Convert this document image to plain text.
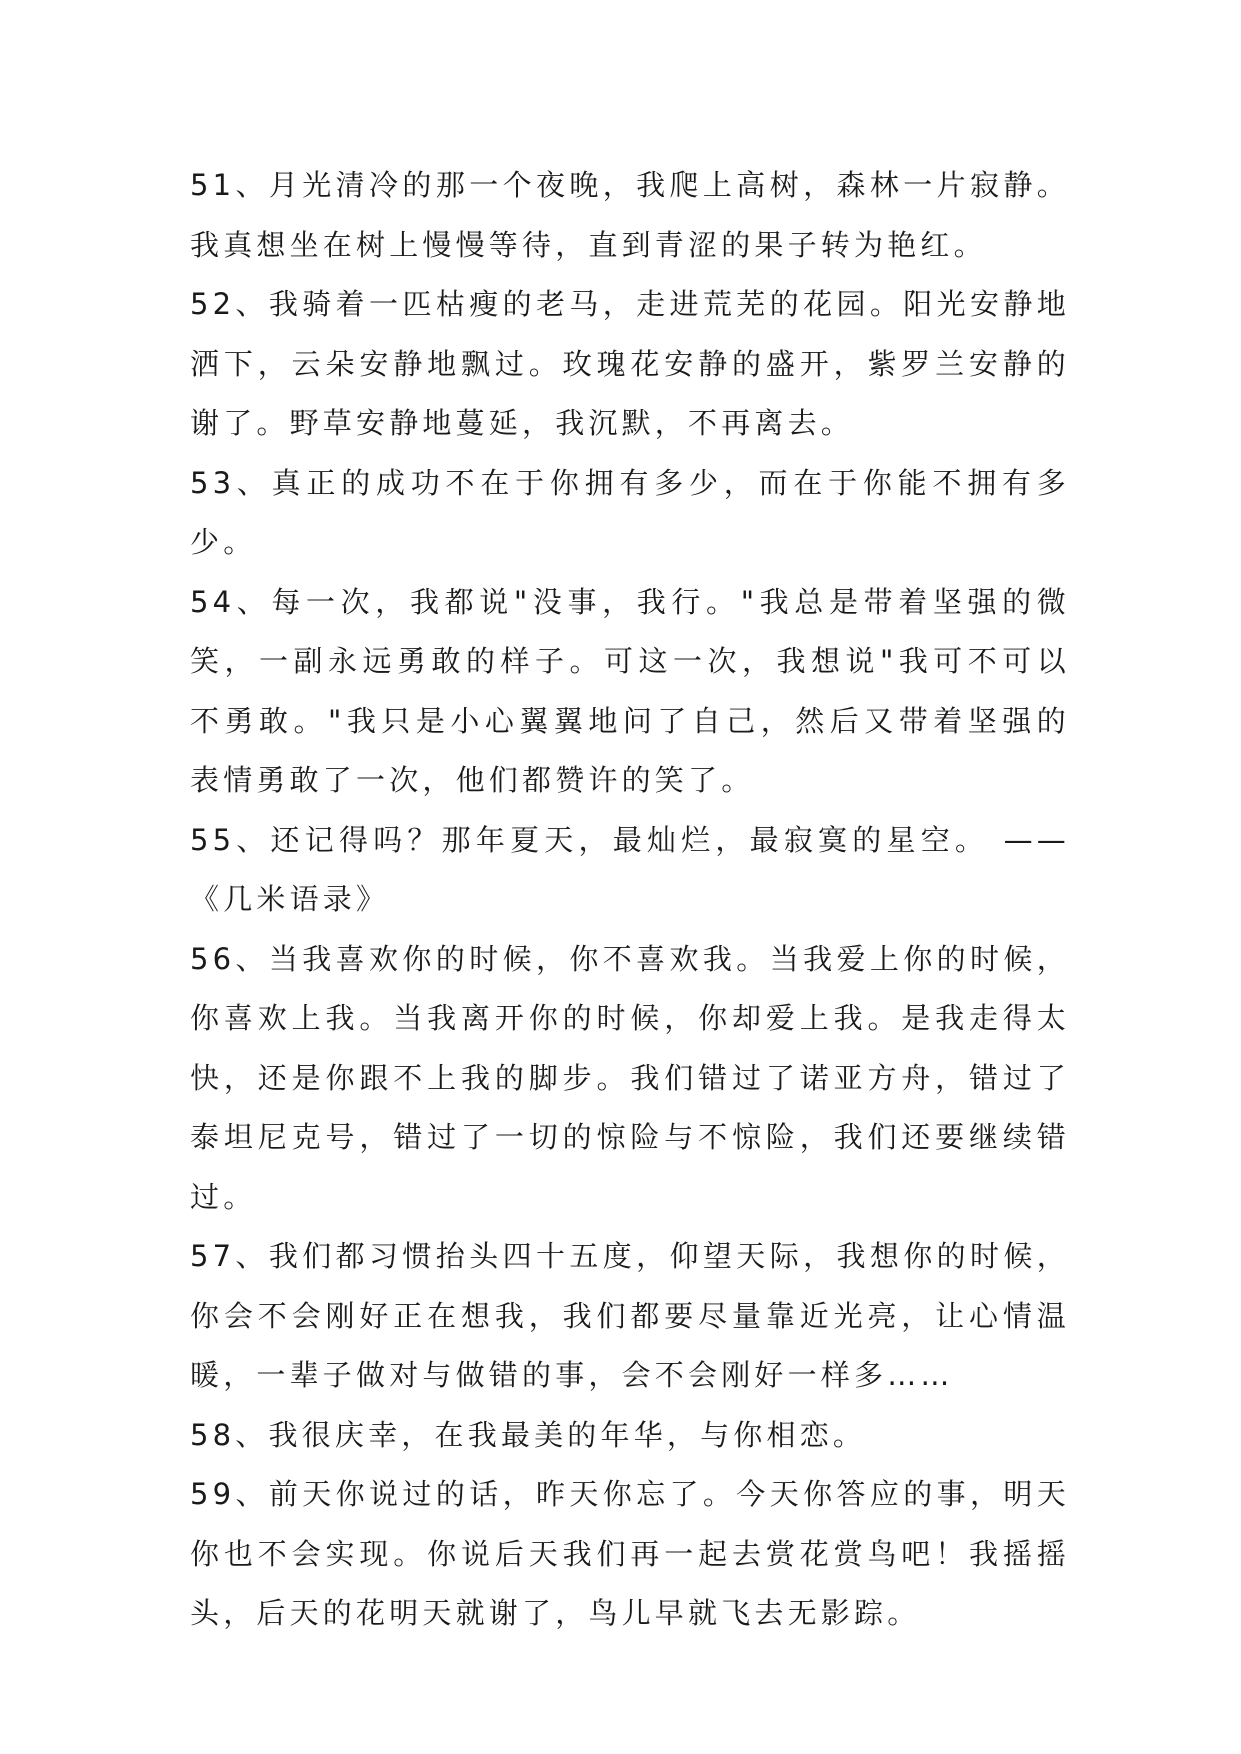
51、月光清冷的那一个夜晚，我爬上高树，森林一片寂静。我真想坐在树上慢慢等待，直到青涩的果子转为艳红。

52、我骑着一匹枯瘦的老马，走进荒芜的花园。阳光安静地洒下，云朵安静地飘过。玫瑰花安静的盛开，紫罗兰安静的谢了。野草安静地蔓延，我沉默，不再离去。

53、真正的成功不在于你拥有多少，而在于你能不拥有多少。

54、每一次，我都说"没事，我行。"我总是带着坚强的微笑，一副永远勇敢的样子。可这一次，我想说"我可不可以不勇敢。"我只是小心翼翼地问了自己，然后又带着坚强的表情勇敢了一次，他们都赞许的笑了。

55、还记得吗？那年夏天，最灿烂，最寂寞的星空。 ——《几米语录》

56、当我喜欢你的时候，你不喜欢我。当我爱上你的时候，你喜欢上我。当我离开你的时候，你却爱上我。是我走得太快，还是你跟不上我的脚步。我们错过了诺亚方舟，错过了泰坦尼克号，错过了一切的惊险与不惊险，我们还要继续错过。

57、我们都习惯抬头四十五度，仰望天际，我想你的时候，你会不会刚好正在想我，我们都要尽量靠近光亮，让心情温暖，一辈子做对与做错的事，会不会刚好一样多……

58、我很庆幸，在我最美的年华，与你相恋。

59、前天你说过的话，昨天你忘了。今天你答应的事，明天你也不会实现。你说后天我们再一起去赏花赏鸟吧！我摇摇头，后天的花明天就谢了，鸟儿早就飞去无影踪。
